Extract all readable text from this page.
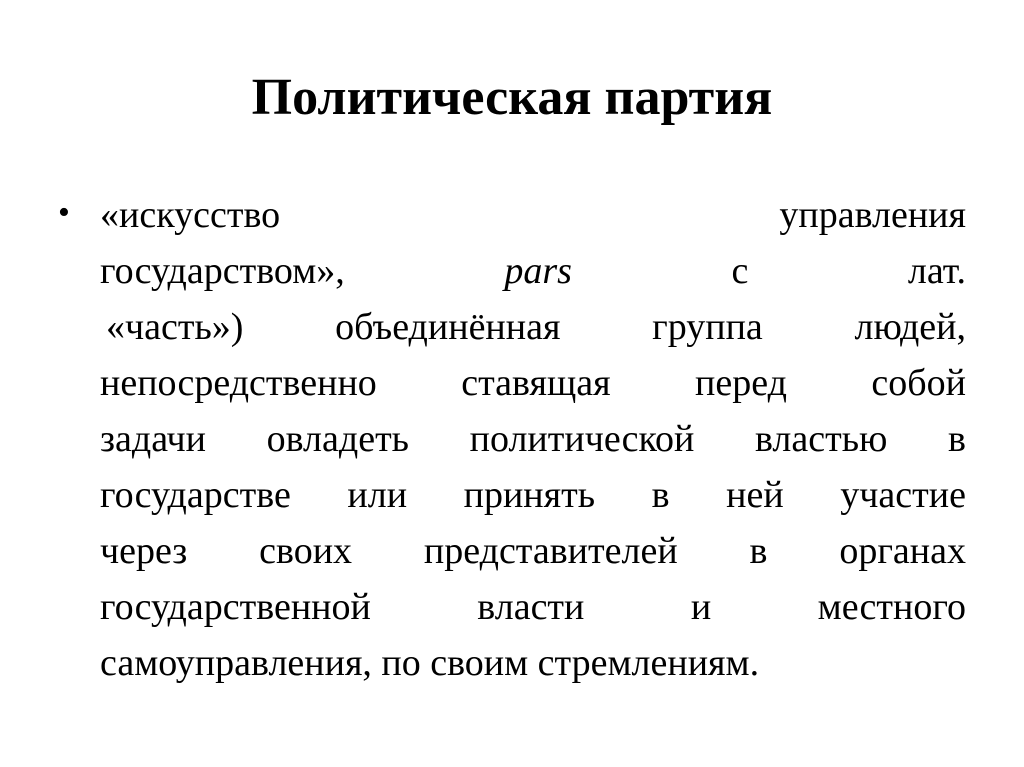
Политическая партия
• «искусство	управления
государством»,	pars	с	лат.
«часть») объединённая группа людей,
непосредственно ставящая перед собой
задачи овладеть политической властью в
государстве или принять в ней участие
через своих представителей в органах
государственной	власти	и	местного
самоуправления, по своим стремлениям.
